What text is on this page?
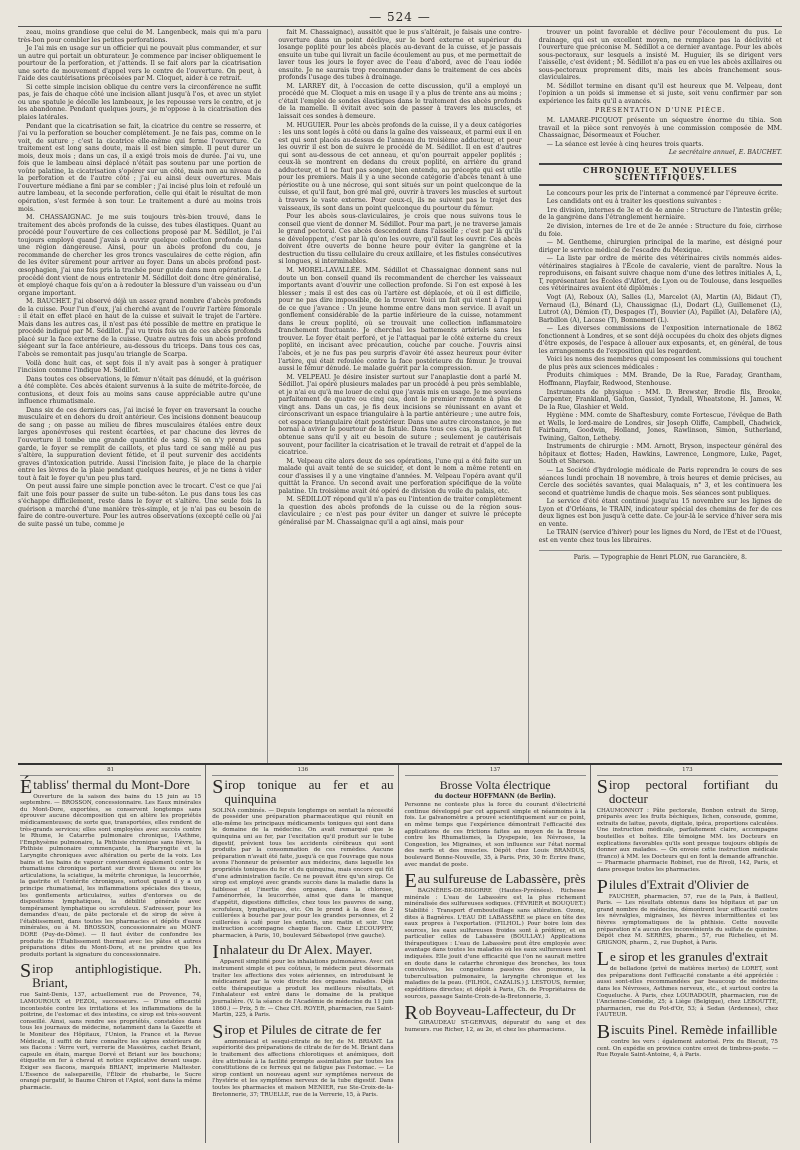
— 524 —

zeau, moins grandiose que celui de M. Langenbeck, mais qui m'a paru très-bon pour combler les petites perforations.

Je l'ai mis en usage sur un officier qui ne pouvait plus commander, et sur un autre qui portait un obturateur. Je commence par inciser obliquement le pourtour de la perforation, et j'attends. Il se fait alors par la cicatrisation une sorte de mouvement d'appel vers le centre de l'ouverture. On peut, à l'aide des cautérisations précoisées par M. Cloquet, aider à ce retrait.

Si cette simple incision oblique du centre vers la circonférence ne suffit pas, je fais de chaque côté une incision allant jusqu'à l'os, et avec un stylet ou une spatule je décolle les lambeaux, je les repousse vers le centre, et je les abandonne. Pendant quelques jours, je m'oppose à la cicatrisation des plaies latérales.

Pendant que la cicatrisation se fait, la cicatrice du centre se resserre, et j'ai vu la perforation se boucher complétement. Je ne fais pas, comme on le voit, de suture ; c'est la cicatrice elle-même qui ferme l'ouverture. Ce traitement est long sans doute, mais il est bien simple. Il peut durer un mois, deux mois ; dans un cas, il a exigé trois mois de durée. J'ai vu, une fois que le lambeau ainsi déplacé n'était pas soutenu par une portion de voûte palatine, la cicatrisation s'opérer sur un côté, mais non au niveau de la perforation et de l'autre côté ; j'ai eu ainsi deux ouvertures. Mais l'ouverture médiane a fini par se combler ; j'ai incisé plus loin et refoulé un autre lambeau, et la seconde perforation, celle qui était le résultat de mon opération, s'est fermée à son tour. Le traitement a duré au moins trois mois.

M. CHASSAIGNAC. Je me suis toujours très-bien trouvé, dans le traitement des abcès profonds de la cuisse, des tubes élastiques. Quant au procédé pour l'ouverture de ces collections proposé par M. Sédillot, je l'ai toujours employé quand j'avais à ouvrir quelque collection profonde dans une région dangereuse. Ainsi, pour un abcès profond du cou, je recommande de chercher les gros troncs vasculaires de cette région, afin de les éviter sûrement pour arriver au foyer. Dans un abcès profond post-œsophagien, j'ai une fois pris la trachée pour guide dans mon opération. Le procédé dont vient de nous entretenir M. Sédillot doit donc être généralisé, et employé chaque fois qu'on a à redouter la blessure d'un vaisseau ou d'un organe important.

M. BAUCHET. J'ai observé déjà un assez grand nombre d'abcès profonds de la cuisse. Pour l'un d'eux, j'ai cherché avant de l'ouvrir l'artère fémorale : il était en effet placé en haut de la cuisse et suivait le trajet de l'artère. Mais dans les autres cas, il n'est pas été possible de mettre en pratique le procédé indiqué par M. Sédillot. J'ai vu trois fois un de ces abcès profonds placé sur la face externe de la cuisse. Quatre autres fois un abcès profond siégeant sur la face antérieure, au-dessous du triceps. Dans tous ces cas, l'abcès se remontait pas jusqu'au triangle de Scarpa.

Voilà donc huit cas, et sept fois il n'y avait pas à songer à pratiquer l'incision comme l'indique M. Sédillot.

Dans toutes ces observations, le fémur n'était pas dénudé, et la guérison a été complète. Ces abcès étaient survenus à la suite de métrite-forcée, de contusions, et deux fois au moins sans cause appréciable autre qu'une influence rhumatismale.

Dans six de ces derniers cas, j'ai incisé le foyer en traversant la couche musculaire et en dehors du droit antérieur. Ces incisions donnent beaucoup de sang ; on passe au milieu de fibres musculaires étalées entre deux larges aponévroses qui restent écartées, et par chacune des lèvres de l'ouverture il tombe une grande quantité de sang. Si on n'y prend pas garde, le foyer se remplit de caillots, et plus tard ce sang mêlé au pus s'altère, la suppuration devient fétide, et il peut survenir des accidents graves d'intoxication putride. Aussi l'incision faite, je place de la charpie entre les lèvres de la plaie pendant quelques heures, et je ne tiens à vider tout à fait le foyer qu'un peu plus tard.

On peut aussi faire une simple ponction avec le trocart. C'est ce que j'ai fait une fois pour passer de suite un tube-séton. Le pus dans tous les cas s'échappe difficilement, reste dans le foyer et s'altère. Une seule fois la guérison a marché d'une manière très-simple, et je n'ai pas eu besoin de faire de contre-ouverture. Pour les autres observations (excepté celle où j'ai de suite passé un tube, comme je

fait M. Chassaignac), aussitôt que le pus s'altérait, je faisais une contre-ouverture dans un point déclive, sur le bord externe et supérieur du losange poplité pour les abcès placés au-devant de la cuisse, et je passais ensuite un tube qui livrait un facile écoulement au pus, et me permettait de laver tous les jours le foyer avec de l'eau d'abord, avec de l'eau iodée ensuite. Je ne saurais trop recommander dans le traitement de ces abcès profonds l'usage des tubes à drainage.

M. LARREY dit, à l'occasion de cette discussion, qu'il a employé un procédé que M. Cloquet a mis en usage il y a plus de trente ans au moins ; c'était l'emploi de sondes élastiques dans le traitement des abcès profonds de la mamelle. Il évitait avec soin de passer à travers les muscles, et laissait ces sondes à demeure.

M. HUGUIER. Pour les abcès profonds de la cuisse, il y a deux catégories : les uns sont logés à côté ou dans la gaîne des vaisseaux, et parmi eux il en est qui sont placés au-dessus de l'anneau du troisième adducteur, et pour les ouvrir il est bon de suivre le procédé de M. Sédillot. Il en est d'autres qui sont au-dessous de cet anneau, et qu'on pourrait appeler poplités ; ceux-là se montrent en dedans du creux poplité, en arrière du grand adducteur, et il ne faut pas songer, bien entendu, au précepte qui est utile pour les premiers. Mais il y a une seconde catégorie d'abcès tenant à une périostite ou à une nécrose, qui sont situés sur un point quelconque de la cuisse, et qu'il faut, bon gré mal gré, ouvrir à travers les muscles et surtout à travers le vaste externe. Pour ceux-ci, ils ne suivent pas le trajet des vaisseaux, ils sont dans un point quelconque du pourtour du fémur.

Pour les abcès sous-claviculaires, je crois que nous suivons tous le conseil que vient de donner M. Sédillot. Pour ma part, je ne traverse jamais le grand pectoral. Ces abcès descendent dans l'aisselle ; c'est par là qu'ils se développent, c'est par là qu'on les ouvre, qu'il faut les ouvrir. Ces abcès doivent être ouverts de bonne heure pour éviter la gangrène et la destruction du tissu cellulaire du creux axillaire, et les fistules consécutives si longues, si interminables.

M. MOREL-LAVALLÉE. MM. Sédillot et Chassaignac donnent sans nul doute un bon conseil quand ils recommandent de chercher les vaisseaux importants avant d'ouvrir une collection profonde. Si l'on est exposé à les blesser ; mais il est des cas où l'artère est déplacée, et où il est difficile, pour ne pas dire impossible, de la trouver. Voici un fait qui vient à l'appui de ce que j'avance : Un jeune homme entre dans mon service. Il avait un gonflement considérable de la partie inférieure de la cuisse, notamment dans le creux poplité, où se trouvait une collection inflammatoire franchement fluctuante. Je cherchai les battements artériels sans les trouver. Le foyer était perforé, et je l'attaquai par le côté externe du creux poplité, en incisant avec précaution, couche par couche. J'ouvris ainsi l'abcès, et je ne fus pas peu surpris d'avoir été assez heureux pour éviter l'artère, qui était refoulée contre la face postérieure du fémur. Je trouvai aussi le fémur dénudé. Le malade guérit par la compression.

M. VELPEAU. Je désire insister surtout sur l'anaplastie dont a parlé M. Sédillot. J'ai opéré plusieurs malades par un procédé à peu près semblable, et je n'ai eu qu'à me louer de celui que j'avais mis en usage. Je me souviens parfaitement de quatre ou cinq cas, dont le premier remonte à plus de vingt ans. Dans un cas, je fis deux incisions se réunissant en avant et circonscrivant un espace triangulaire à la partie antérieure ; une autre fois, cet espace triangulaire était postérieur. Dans une autre circonstance, je me bornai à aviver le pourtour de la fistule. Dans tous ces cas, la guérison fut obtenue sans qu'il y ait eu besoin de suture ; seulement je cautérisais souvent, pour faciliter la cicatrisation et le travail de retrait et d'appel de la cicatrice.

M. Velpeau cite alors deux de ses opérations, l'une qui a été faite sur un malade qui avait tenté de se suicider, et dont le nom a même retenti en cour d'assises il y a une vingtaine d'années. M. Velpeau l'opéra avant qu'il quittât la France. Un second avait une perforation spécifique de la voûte palatine. Un troisième avait été opéré de division du voile du palais, etc.

M. SÉDILLOT répond qu'il n'a pas eu l'intention de traiter complètement la question des abcès profonds de la cuisse ou de la région sous-claviculaire ; ce n'est pas pour éviter un danger et suivre le précepte généralisé par M. Chassaignac qu'il a agi ainsi, mais pour

trouver un point favorable et déclive pour l'écoulement du pus. Le drainage, qui est un excellent moyen, ne remplace pas la déclivité et l'ouverture que préconise M. Sédillot a ce dernier avantage. Pour les abcès sous-pectoraux, sur lesquels a insisté M. Huguier, ils se dirigent vers l'aisselle, c'est évident ; M. Sédillot n'a pas eu en vue les abcès axillaires ou sous-pectoraux proprement dits, mais les abcès franchement sous-claviculaires.

M. Sédillot termine en disant qu'il est heureux que M. Velpeau, dont l'opinion a un poids si immense et si juste, soit venu confirmer par son expérience les faits qu'il a avancés.

PRÉSENTATION D'UNE PIÈCE.

M. LAMARE-PICQUOT présente un séquestre énorme du tibia. Son travail et la pièce sont renvoyés à une commission composée de MM. Chassaignac, Désormeaux et Foucher.

— La séance est levée à cinq heures trois quarts.

Le secrétaire annuel, E. BAUCHET.
CHRONIQUE ET NOUVELLES SCIENTIFIQUES.

Le concours pour les prix de l'internat a commencé par l'épreuve écrite.

Les candidats ont eu à traiter les questions suivantes :

1re division, internes de 3e et de 4e année : Structure de l'intestin grêle; de la gangrène dans l'étranglement herniaire.

2e division, internes de 1re et de 2e année : Structure du foie, cirrhose du foie.

— M. Gentheme, chirurgien principal de la marine, est désigné pour diriger le service médical de l'escadre du Mexique.

— La liste par ordre de mérite des vétérinaires civils nommés aides-vétérinaires stagiaires à l'École de cavalerie, vient de paraître. Nous la reproduisons, en faisant suivre chaque nom d'une des lettres initiales A, L, T, représentant les Écoles d'Alfort, de Lyon ou de Toulouse, dans lesquelles ces vétérinaires avaient été diplômés :

Vogt (A), Reboux (A), Salles (L), Marcelot (A), Martin (A), Bidaut (T), Vernaud (L), Bénard (L), Chaussignac (L), Dodart (L), Guillemenet (L), Lutrot (A), Démion (T), Despages (T), Bouvier (A), Papillet (A), Delafère (A), Barbillon (A), Lacase (T), Bonnemerl (L).

— Les diverses commissions de l'exposition internationale de 1862 fonctionnent à Londres, et se sont déjà occupées du choix des objets dignes d'être exposés, de l'espace à allouer aux exposants, et, en général, de tous les arrangements de l'exposition qui les regardent.

Voici les noms des membres qui composent les commissions qui touchent de plus près aux sciences médicales :

Produits chimiques : MM. Brande, De la Rue, Faraday, Grantham, Hoffmann, Playfair, Redwood, Stenhouse.

Instruments de physique : MM. D. Brewster, Brodie fils, Brooke, Carpenter, Frankland, Galton, Gassiot, Tyndall, Wheatstone, H. James, W. De la Rue, Glashier et Weld.

Hygiène : MM. comte de Shaftesbury, comte Fortescue, l'évêque de Bath et Wells, le lord-maire de Londres, sir Joseph Oliffe, Campbell, Chadwick, Fairbairn, Goodwin, Holland, Jones, Rawlinson, Simon, Sutherland, Twining, Galton, Letheby.

Instruments de chirurgie : MM. Arnott, Bryson, inspecteur général des hôpitaux et flottes; Haden, Hawkins, Lawrence, Longmore, Luke, Paget, South et Sherson.

— La Société d'hydrologie médicale de Paris reprendra le cours de ses séances lundi prochain 18 novembre, à trois heures et demie précises, au Cercle des sociétés savantes, quai Malaquais, n° 3, et les continuera les second et quatrième lundis de chaque mois. Ses séances sont publiques.

Le service d'été étant continué jusqu'au 15 novembre sur les lignes de Lyon et d'Orléans, le TRAIN, indicateur spécial des chemins de fer de ces deux lignes est bon jusqu'à cette date. Ce jour-là le service d'hiver sera mis en vente.

Le TRAIN (service d'hiver) pour les lignes du Nord, de l'Est et de l'Ouest, est en vente chez tous les libraires.

Paris. — Typographie de Henri PLON, rue Garancière, 8.
81
Établiss' thermal du Mont-Dore
Ouverture de la saison des bains du 15 juin au 15 septembre. — BROSSON, concessionnaire. Les Eaux minérales du Mont-Dore, exportées, se conservent longtemps sans éprouver aucune décomposition qui en altère les propriétés médicamenteuses; de sorte que, transportées, elles rendent de très-grands services; elles sont employées avec succès contre le Rhume, le Catarrhe pulmonaire chronique, l'Asthme, l'Emphysème pulmonaire, la Phthisie chronique sans fièvre, la Phthisie pulmonaire commençante, la Pharyngite et la Laryngite chroniques avec altération ou perte de la voix. Les bains et les bains de vapeur conviennent également contre le rhumatisme chronique portant sur divers tissus ou sur les articulations, la sciatique, la métrite chronique, la leucorrhée, la gastrite et l'entérite chroniques, surtout quand il y a un principe rhumatismal, les inflammations spéciales des tissus, les gonflements articulaires, suites d'entorses ou de dispositions lymphatiques, la débilité générale avec tempérament lymphatique ou scrofuleux. S'adresser, pour les demandes d'eau, de pâte pectorale et de sirop de sève à l'établissement, dans toutes les pharmacies et dépôts d'eaux minérales, ou à M. BROSSON, concessionnaire au MONT-DORE (Puy-de-Dôme). — Il faut éviter de confondre les produits de l'Établissement thermal avec les pâtes et autres préparations dites du Mont-Dore, et ne prendre que les produits portant la signature du concessionnaire.
Sirop antiphlogistique. Ph. Briant,
rue Saint-Denis, 137, actuellement rue de Provence, 74, LAMOUROUX et PEZOL, successeurs. — D'une efficacité incontestée contre les irritations et les inflammations de la poitrine, de l'estomac et des intestins, ce sirop est très-souvent conseillé. Ainsi, sans rendre ses propriétés, constatées dans tous les journaux de médecine, notamment dans la Gazette et le Moniteur des Hôpitaux, l'Union, la France et la Revue Médicale, il suffit de faire connaître les signes extérieurs de ses flacons : Verre vert, verrerie de Massières, cachet Briant, capsule en étain, marque Dorvé et Briant sur les bouchons; étiquette en fer à cheval et notice explicative devant usage. Exiger ses flacons, marqués BRIANT, imprimerie Maltester. L'Essence de salsepareille, l'Élixir de rhubarbe, le Sucre orangé purgatif, le Baume Chiron et l'Apiol, sont dans la même pharmacie.
136
Sirop tonique au fer et au quinquina
SOLINA combinés. — Depuis longtemps on sentait la nécessité de posséder une préparation pharmaceutique qui réunît en elle-même les principaux médicaments toniques qui sont dans le domaine de la médecine. On avait remarqué que le quinquina uni au fer, par l'excitation qu'il produit sur le tube digestif, prévient tous les accidents cérébraux qui sont produits par la consommation de ces remèdes. Aucune préparation n'avait été faite, jusqu'à ce que l'ouvrage que nous avons l'honneur de présenter aux médecins, dans laquelle les propriétés toniques du fer et du quinquina, mais encore qui fût d'une administration facile. Ce ne pouvait être qu'un sirop. Ce sirop est employé avec grands succès dans la maladie dans la faiblesse et l'inertie des organes, dans la chlorose, l'aménorrhée, la leucorrhée, ainsi que dans le manque d'appétit, digestions difficiles, chez tous les pauvres de sang, scrofuleux, lymphatiques, etc. On le prend à la dose de 2 cuillerées à bouche par jour pour les grandes personnes, et 2 cuillerées à café pour les enfants, une matin et soir. Une instruction accompagne chaque flacon. Chez LECOUPPEY, pharmacien, à Paris, 10, boulevard Sébastopol (rive gauche).
Inhalateur du Dr Alex. Mayer.
Appareil simplifié pour les inhalations pulmonaires. Avec cet instrument simple et peu coûteux, le médecin peut désormais traiter les affections des voies aériennes, en introduisant le médicament par la voie directe des organes malades. Déjà cette thérapeutique a produit les meilleurs résultats, et l'inhalateur est entré dans le domaine de la pratique journalière. (V. la séance de l'Académie de médecine du 11 juin 1860.) — Prix, 5 fr. — Chez CH. ROYER, pharmacien, rue Saint-Martin, 225, à Paris.
Sirop et Pilules de citrate de fer
ammoniacal et sesqui-citrate de fer, de M. BRIANT. La supériorité des préparations de citrate de fer de M. Briant dans le traitement des affections chlorotiques et anémiques, doit être attribuée à la facilité prompte assimilation par toutes les constitutions de ce ferreux qui ne fatigue pas l'estomac. — Le sirop contient un nouveau agent sur symptômes nerveux de l'hystérie et les symptômes nerveux de la tube digestif. Dans toutes les pharmacies et maison MENIER, rue Ste-Croix-de-la-Bretonnerie, 37; TRUELLE, rue de la Verrerie, 15, à Paris.
137
Brosse Volta électrique
du docteur HOFFMANN (de Berlin).
Personne ne conteste plus la force du courant d'électricité continue développé par cet appareil simple et néanmoins à la fois. Le galvanomètre a prouvé scientifiquement sur ce point, en même temps que l'expérience démontrait l'efficacité des applications de ces frictions faites au moyen de la Brosse contre les Rhumatismes, la Dyspepsie, les Névroses, la Congestion, les Migraines, et son influence sur l'état normal des nerfs et des muscles. Dépôt chez Louis BRANDUS, boulevard Bonne-Nouvelle, 35, à Paris. Prix, 30 fr. Écrire franc, avec mandat de poste.
Eau sulfureuse de Labassère, près
BAGNÈRES-DE-BIGORRE (Hautes-Pyrénées). Richesse minérale : L'eau de Labassère est la plus richement minéralisée des sulfureuses sodiques. (FÉVRIER et BOUQUET.) Stabilité : Transport d'embouteillage sans altération. Ozone, dites à Bagnères. L'EAU DE LABASSÈRE se place en tête des eaux propres à l'exportation. (FILHOL.) Pour boire loin des sources, les eaux sulfureuses froides sont à préférer, et en particulier celles de Labassère (BOULLAY.) Applications thérapeutiques : L'eau de Labassère peut être employée avec avantage dans toutes les maladies où les eaux sulfureuses sont indiquées. Elle jouit d'une efficacité que l'on ne saurait mettre en doute dans le catarrhe chronique des bronches, les toux convulsives, les congestions passives des poumons, la tuberculisation pulmonaire, la laryngite chronique et les maladies de la peau. (FILHOL, CAZALIS.) J. LESTOUS, fermier, expéditions directes; et dépôt à Paris, Ch. de Propriétaires de sources, passage Sainte-Croix-de-la-Bretonnerie, 3.
Rob Boyveau-Laffecteur, du Dr
GIRAUDEAU ST-GERVAIS, dépuratif du sang et des humeurs. rue Richer, 12, au 2e, et chez les pharmaciens.
173
Sirop pectoral fortifiant du docteur
CHAUMONNOT : Pâte pectorale, Bonbon extrait du Sirop, préparés avec les fruits béchiques, lichen, consoude, gomme, extraits de laitue, pavots, digitale, ipéca, proportions calculées. Une instruction médicale, parfaitement claire, accompagne bouteilles et boîtes. Elle témoigne MM. les Docteurs en explications favorables qu'ils sont presque toujours obligés de donner aux malades. — On envoie cette instruction médicale (franco) à MM. les Docteurs qui en font la demande affranchie. — Pharmacie pharmacie Robinet, rue de Rivoli, 142, Paris, et dans presque toutes les pharmacies.
Pilules d'Extrait d'Olivier de
FAUCHER, pharmacien, 57, rue de la Paix, à Bailleul, Paris. — Les résultats obtenus dans les hôpitaux et par un grand nombre de médecins, démontrent leur efficacité contre les névralgies, migraines, les fièvres intermittentes et les fièvres symptomatiques de la phthisie. Cette nouvelle préparation n'a aucun des inconvénients du sulfate de quinine. Dépôt chez M. SERRES, pharm., 57, rue Richelieu, et M. GRIGNON, pharm., 2, rue Duphot, à Paris.
Le sirop et les granules d'extrait
de belladone (privé de matières inertes) de LORET, sont des préparations dont l'efficacité constante a été appréciée : aussi sont-elles recommandées par beaucoup de médecins dans les Névroses, Asthmes nerveux, etc., et surtout contre la Coqueluche. À Paris, chez LOURADOUR, pharmacien, rue de l'Ancienne-Comédie, 25; à Liège (Belgique), chez LEBOUTTE, pharmacien, rue du Pot-d'Or, 53; à Sedan (Ardennes), chez l'AUTEUR.
Biscuits Pinel. Remède infaillible
contre les vers : également autorisé. Prix du Biscuit, 75 cent. On expédie en province contre envoi de timbres-poste. — Rue Royale Saint-Antoine, 4, à Paris.
